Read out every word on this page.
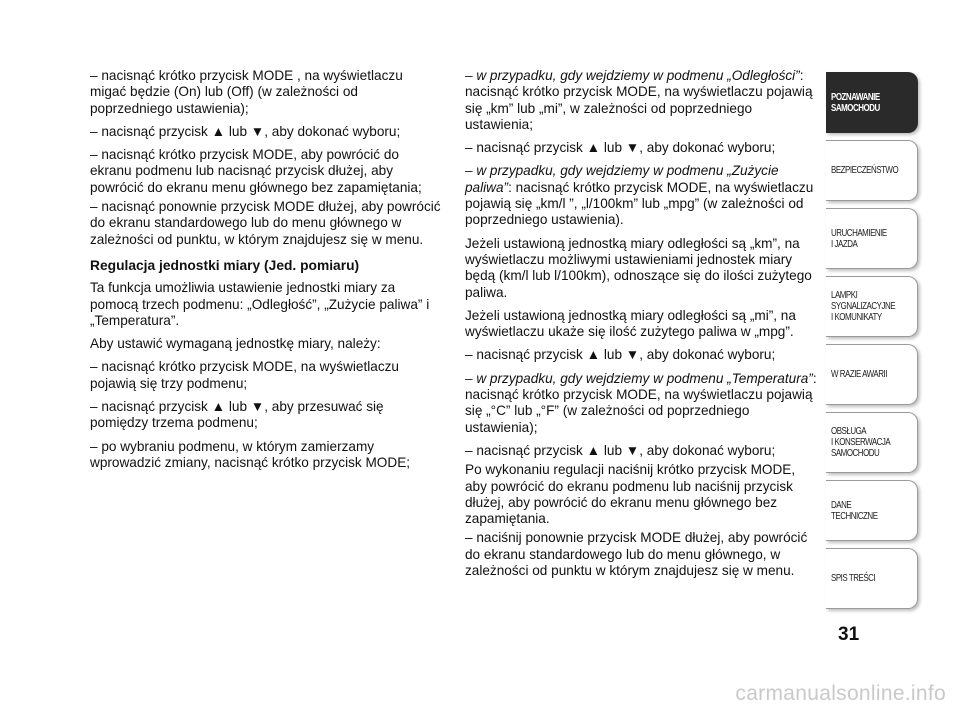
– nacisnąć krótko przycisk MODE , na wyświetlaczu migać będzie (On) lub (Off) (w zależności od poprzedniego ustawienia);

– nacisnąć przycisk ▲ lub ▼, aby dokonać wyboru;

– nacisnąć krótko przycisk MODE, aby powrócić do ekranu podmenu lub nacisnąć przycisk dłużej, aby powrócić do ekranu menu głównego bez zapamiętania;

– nacisnąć ponownie przycisk MODE dłużej, aby powrócić do ekranu standardowego lub do menu głównego w zależności od punktu, w którym znajdujesz się w menu.

Regulacja jednostki miary (Jed. pomiaru)

Ta funkcja umożliwia ustawienie jednostki miary za pomocą trzech podmenu: „Odległość”, „Zużycie paliwa” i „Temperatura”.

Aby ustawić wymaganą jednostkę miary, należy:

– nacisnąć krótko przycisk MODE, na wyświetlaczu pojawią się trzy podmenu;

– nacisnąć przycisk ▲ lub ▼, aby przesuwać się pomiędzy trzema podmenu;

– po wybraniu podmenu, w którym zamierzamy wprowadzić zmiany, nacisnąć krótko przycisk MODE;

– w przypadku, gdy wejdziemy w podmenu „Odległości”: nacisnąć krótko przycisk MODE, na wyświetlaczu pojawią się „km” lub „mi”, w zależności od poprzedniego ustawienia;

– nacisnąć przycisk ▲ lub ▼, aby dokonać wyboru;

– w przypadku, gdy wejdziemy w podmenu „Zużycie paliwa”: nacisnąć krótko przycisk MODE, na wyświetlaczu pojawią się „km/l ”, „l/100km” lub „mpg” (w zależności od poprzedniego ustawienia).

Jeżeli ustawioną jednostką miary odległości są „km”, na wyświetlaczu możliwymi ustawieniami jednostek miary będą (km/l lub l/100km), odnoszące się do ilości zużytego paliwa.

Jeżeli ustawioną jednostką miary odległości są „mi”, na wyświetlaczu ukaże się ilość zużytego paliwa w „mpg”.

– nacisnąć przycisk ▲ lub ▼, aby dokonać wyboru;

– w przypadku, gdy wejdziemy w podmenu „Temperatura”: nacisnąć krótko przycisk MODE, na wyświetlaczu pojawią się „°C” lub „°F” (w zależności od poprzedniego ustawienia);

– nacisnąć przycisk ▲ lub ▼, aby dokonać wyboru;

Po wykonaniu regulacji naciśnij krótko przycisk MODE, aby powrócić do ekranu podmenu lub naciśnij przycisk dłużej, aby powrócić do ekranu menu głównego bez zapamiętania.

– naciśnij ponownie przycisk MODE dłużej, aby powrócić do ekranu standardowego lub do menu głównego, w zależności od punktu w którym znajdujesz się w menu.

POZNAWANIE
SAMOCHODU
BEZPIECZEŃSTWO
URUCHAMIENIE
I JAZDA
LAMPKI
SYGNALIZACYJNE
I KOMUNIKATY
W RAZIE AWARII
OBSŁUGA
I KONSERWACJA
SAMOCHODU
DANE TECHNICZNE
SPIS TREŚCI
31
carmanualsonline.info
